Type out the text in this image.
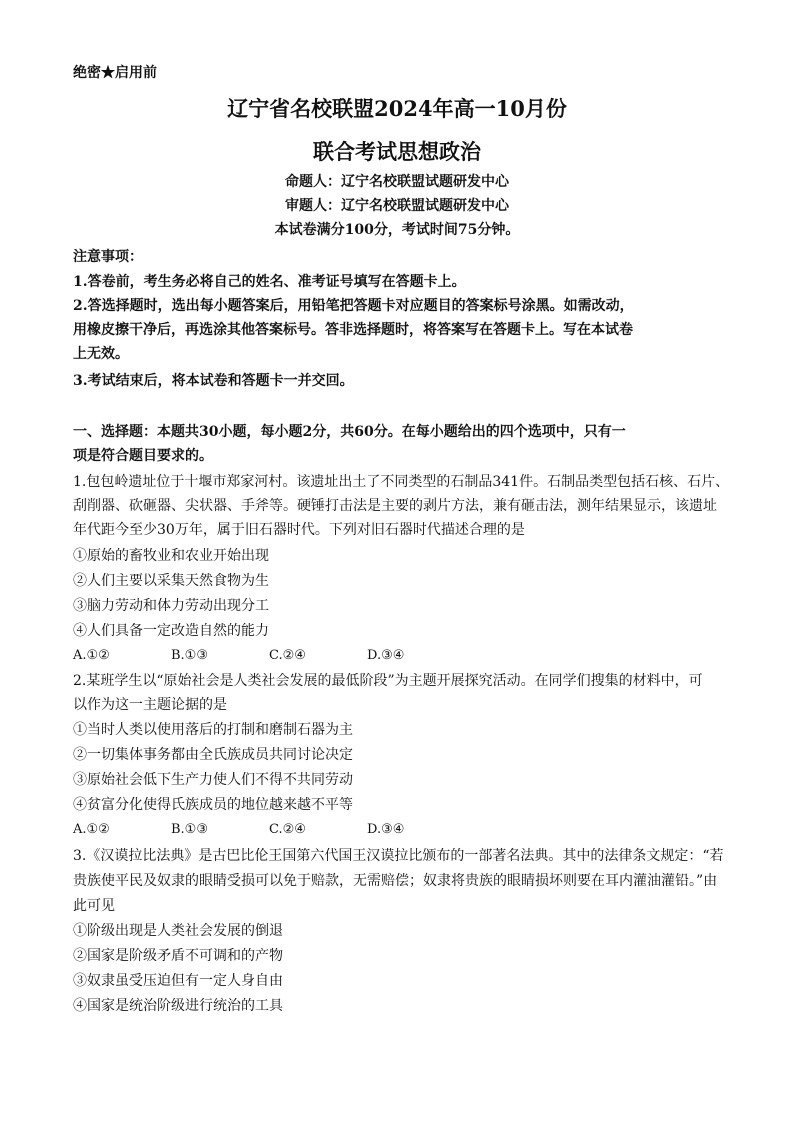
绝密★启用前
辽宁省名校联盟2024年高一10月份
联合考试思想政治
命题人：辽宁名校联盟试题研发中心
审题人：辽宁名校联盟试题研发中心
本试卷满分100分，考试时间75分钟。
注意事项：
1.答卷前，考生务必将自己的姓名、准考证号填写在答题卡上。
2.答选择题时，选出每小题答案后，用铅笔把答题卡对应题目的答案标号涂黑。如需改动，
用橡皮擦干净后，再选涂其他答案标号。答非选择题时，将答案写在答题卡上。写在本试卷
上无效。
3.考试结束后，将本试卷和答题卡一并交回。
一、选择题：本题共30小题，每小题2分，共60分。在每小题给出的四个选项中，只有一
项是符合题目要求的。
1.包包岭遗址位于十堰市郑家河村。该遗址出土了不同类型的石制品341件。石制品类型包括石核、石片、
刮削器、砍砸器、尖状器、手斧等。硬锤打击法是主要的剥片方法，兼有砸击法，测年结果显示，该遗址
年代距今至少30万年，属于旧石器时代。下列对旧石器时代描述合理的是
①原始的畜牧业和农业开始出现
②人们主要以采集天然食物为生
③脑力劳动和体力劳动出现分工
④人们具备一定改造自然的能力
A.①②	B.①③	C.②④	D.③④
2.某班学生以“原始社会是人类社会发展的最低阶段”为主题开展探究活动。在同学们搜集的材料中，可
以作为这一主题论据的是
①当时人类以使用落后的打制和磨制石器为主
②一切集体事务都由全氏族成员共同讨论决定
③原始社会低下生产力使人们不得不共同劳动
④贫富分化使得氏族成员的地位越来越不平等
A.①②	B.①③	C.②④	D.③④
3.《汉谟拉比法典》是古巴比伦王国第六代国王汉谟拉比颁布的一部著名法典。其中的法律条文规定：“若
贵族使平民及奴隶的眼睛受损可以免于赔款，无需赔偿；奴隶将贵族的眼睛损坏则要在耳内灌油灌铅。”由
此可见
①阶级出现是人类社会发展的倒退
②国家是阶级矛盾不可调和的产物
③奴隶虽受压迫但有一定人身自由
④国家是统治阶级进行统治的工具
